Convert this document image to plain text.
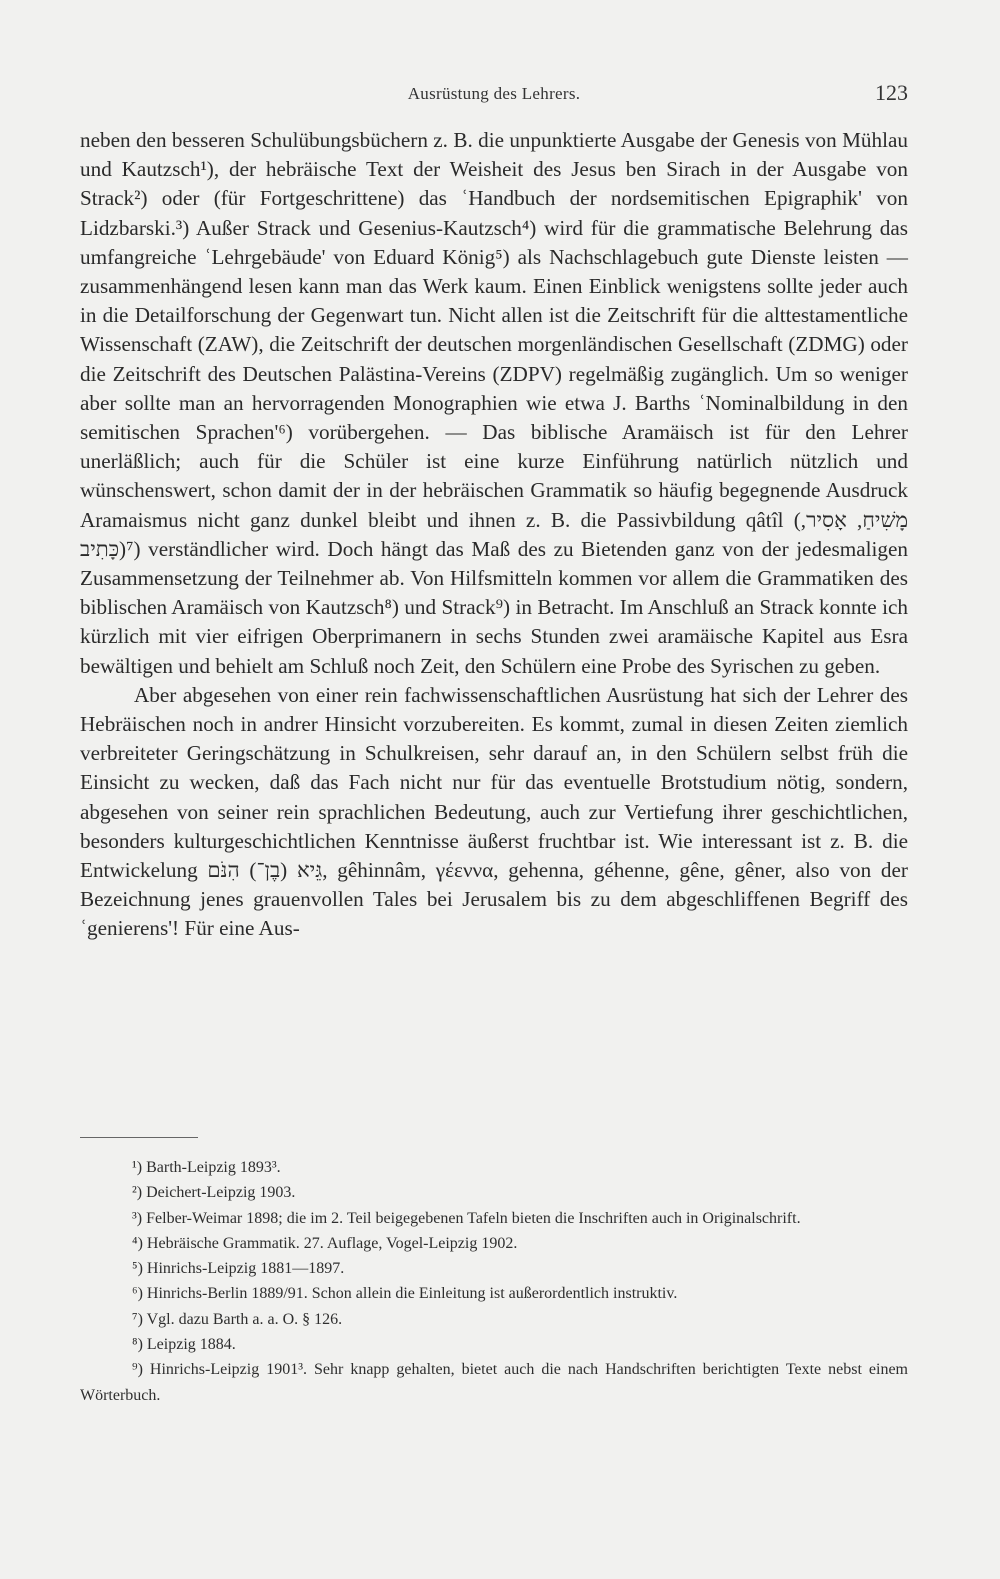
Ausrüstung des Lehrers.	123

neben den besseren Schulübungsbüchern z. B. die unpunktierte Ausgabe der Genesis von Mühlau und Kautzsch¹), der hebräische Text der Weisheit des Jesus ben Sirach in der Ausgabe von Strack²) oder (für Fortgeschrittene) das ʿHandbuch der nordsemitischen Epigraphik' von Lidzbarski.³) Außer Strack und Gesenius-Kautzsch⁴) wird für die grammatische Belehrung das umfangreiche ʿLehrgebäude' von Eduard König⁵) als Nachschlagebuch gute Dienste leisten — zusammenhängend lesen kann man das Werk kaum. Einen Einblick wenigstens sollte jeder auch in die Detailforschung der Gegenwart tun. Nicht allen ist die Zeitschrift für die alttestamentliche Wissenschaft (ZAW), die Zeitschrift der deutschen morgenländischen Gesellschaft (ZDMG) oder die Zeitschrift des Deutschen Palästina-Vereins (ZDPV) regelmäßig zugänglich. Um so weniger aber sollte man an hervorragenden Monographien wie etwa J. Barths ʿNominalbildung in den semitischen Sprachen'⁶) vorübergehen. — Das biblische Aramäisch ist für den Lehrer unerläßlich; auch für die Schüler ist eine kurze Einführung natürlich nützlich und wünschenswert, schon damit der in der hebräischen Grammatik so häufig begegnende Ausdruck Aramaismus nicht ganz dunkel bleibt und ihnen z. B. die Passivbildung qâtîl (מָשִׁיחַ, אָסִיר, כָּתִיב)⁷) verständlicher wird. Doch hängt das Maß des zu Bietenden ganz von der jedesmaligen Zusammensetzung der Teilnehmer ab. Von Hilfsmitteln kommen vor allem die Grammatiken des biblischen Aramäisch von Kautzsch⁸) und Strack⁹) in Betracht. Im Anschluß an Strack konnte ich kürzlich mit vier eifrigen Oberprimanern in sechs Stunden zwei aramäische Kapitel aus Esra bewältigen und behielt am Schluß noch Zeit, den Schülern eine Probe des Syrischen zu geben.

Aber abgesehen von einer rein fachwissenschaftlichen Ausrüstung hat sich der Lehrer des Hebräischen noch in andrer Hinsicht vorzubereiten. Es kommt, zumal in diesen Zeiten ziemlich verbreiteter Geringschätzung in Schulkreisen, sehr darauf an, in den Schülern selbst früh die Einsicht zu wecken, daß das Fach nicht nur für das eventuelle Brotstudium nötig, sondern, abgesehen von seiner rein sprachlichen Bedeutung, auch zur Vertiefung ihrer geschichtlichen, besonders kulturgeschichtlichen Kenntnisse äußerst fruchtbar ist. Wie interessant ist z. B. die Entwickelung גֵּיא (בֶן־) הִנֹּם, gêhinnâm, γέεννα, gehenna, géhenne, gêne, gêner, also von der Bezeichnung jenes grauenvollen Tales bei Jerusalem bis zu dem abgeschliffenen Begriff des ʿgenierens'! Für eine Aus-

¹) Barth-Leipzig 1893³.

²) Deichert-Leipzig 1903.

³) Felber-Weimar 1898; die im 2. Teil beigegebenen Tafeln bieten die Inschriften auch in Originalschrift.

⁴) Hebräische Grammatik. 27. Auflage, Vogel-Leipzig 1902.

⁵) Hinrichs-Leipzig 1881—1897.

⁶) Hinrichs-Berlin 1889/91. Schon allein die Einleitung ist außerordentlich instruktiv.

⁷) Vgl. dazu Barth a. a. O. § 126.

⁸) Leipzig 1884.

⁹) Hinrichs-Leipzig 1901³. Sehr knapp gehalten, bietet auch die nach Handschriften berichtigten Texte nebst einem Wörterbuch.
